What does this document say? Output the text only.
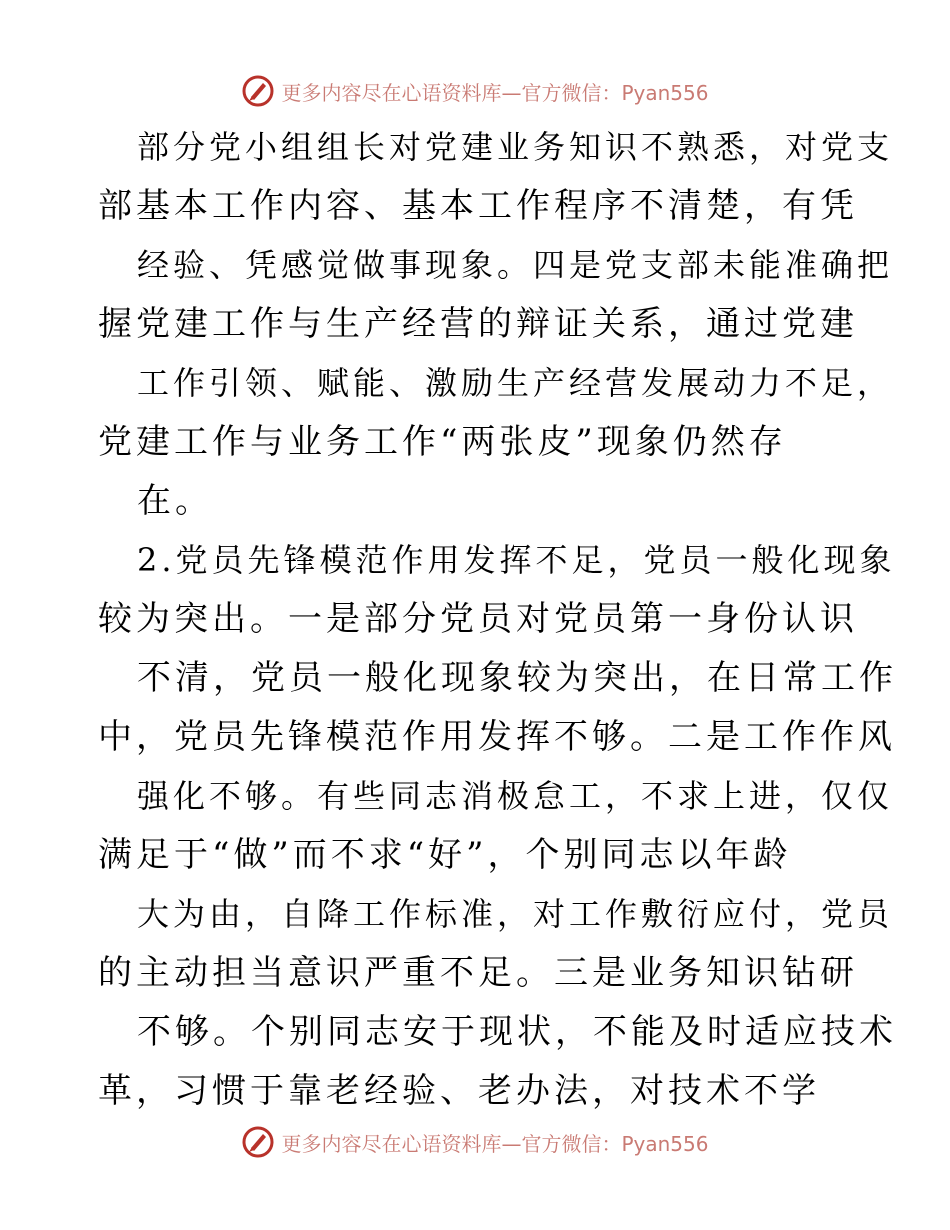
更多内容尽在心语资料库—官方微信：Pyan556
部分党小组组长对党建业务知识不熟悉，对党支
部基本工作内容、基本工作程序不清楚，有凭
经验、凭感觉做事现象。四是党支部未能准确把
握党建工作与生产经营的辩证关系，通过党建
工作引领、赋能、激励生产经营发展动力不足，
党建工作与业务工作“两张皮”现象仍然存
在。
2.党员先锋模范作用发挥不足，党员一般化现象
较为突出。一是部分党员对党员第一身份认识
不清，党员一般化现象较为突出，在日常工作
中，党员先锋模范作用发挥不够。二是工作作风
强化不够。有些同志消极怠工，不求上进，仅仅
满足于“做”而不求“好”，个别同志以年龄
大为由，自降工作标准，对工作敷衍应付，党员
的主动担当意识严重不足。三是业务知识钻研
不够。个别同志安于现状，不能及时适应技术
革，习惯于靠老经验、老办法，对技术不学
更多内容尽在心语资料库—官方微信：Pyan556
